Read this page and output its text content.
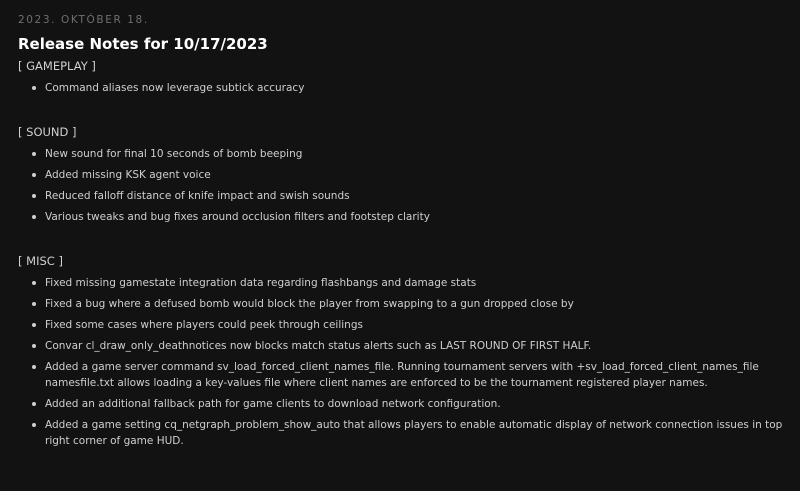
2023. OKTÓBER 18.
Release Notes for 10/17/2023
[ GAMEPLAY ]
Command aliases now leverage subtick accuracy
[ SOUND ]
New sound for final 10 seconds of bomb beeping
Added missing KSK agent voice
Reduced falloff distance of knife impact and swish sounds
Various tweaks and bug fixes around occlusion filters and footstep clarity
[ MISC ]
Fixed missing gamestate integration data regarding flashbangs and damage stats
Fixed a bug where a defused bomb would block the player from swapping to a gun dropped close by
Fixed some cases where players could peek through ceilings
Convar cl_draw_only_deathnotices now blocks match status alerts such as LAST ROUND OF FIRST HALF.
Added a game server command sv_load_forced_client_names_file. Running tournament servers with +sv_load_forced_client_names_file namesfile.txt allows loading a key-values file where client names are enforced to be the tournament registered player names.
Added an additional fallback path for game clients to download network configuration.
Added a game setting cq_netgraph_problem_show_auto that allows players to enable automatic display of network connection issues in top right corner of game HUD.
